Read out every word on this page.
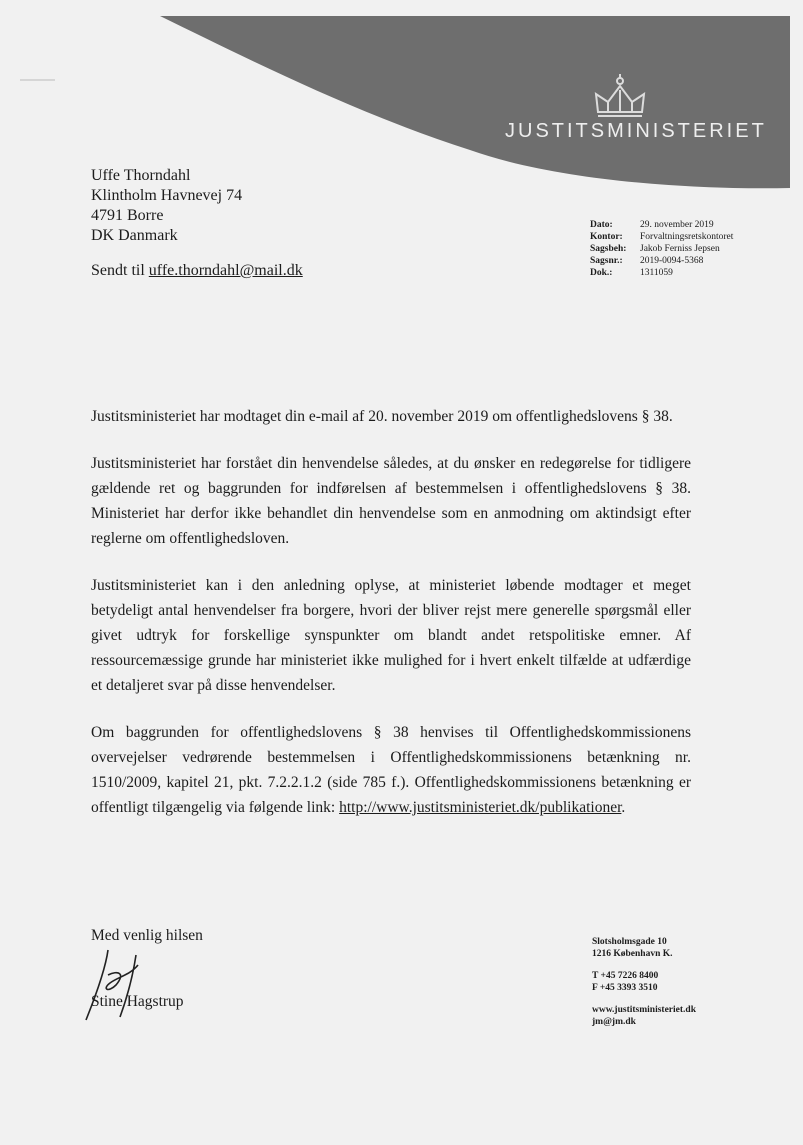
JUSTITSMINISTERIET
Uffe Thorndahl
Klintholm Havnevej 74
4791 Borre
DK Danmark
Sendt til uffe.thorndahl@mail.dk
Dato:	29. november 2019
Kontor:	Forvaltningsretskontoret
Sagsbeh:	Jakob Ferniss Jepsen
Sagsnr.:	2019-0094-5368
Dok.:	1311059

Justitsministeriet har modtaget din e-mail af 20. november 2019 om offentlighedslovens § 38.

Justitsministeriet har forstået din henvendelse således, at du ønsker en redegørelse for tidligere gældende ret og baggrunden for indførelsen af bestemmelsen i offentlighedslovens § 38. Ministeriet har derfor ikke behandlet din henvendelse som en anmodning om aktindsigt efter reglerne om offentlighedsloven.

Justitsministeriet kan i den anledning oplyse, at ministeriet løbende modtager et meget betydeligt antal henvendelser fra borgere, hvori der bliver rejst mere generelle spørgsmål eller givet udtryk for forskellige synspunkter om blandt andet retspolitiske emner. Af ressourcemæssige grunde har ministeriet ikke mulighed for i hvert enkelt tilfælde at udfærdige et detaljeret svar på disse henvendelser.

Om baggrunden for offentlighedslovens § 38 henvises til Offentlighedskommissionens overvejelser vedrørende bestemmelsen i Offentlighedskommissionens betænkning nr. 1510/2009, kapitel 21, pkt. 7.2.2.1.2 (side 785 f.). Offentlighedskommissionens betænkning er offentligt tilgængelig via følgende link: http://www.justitsministeriet.dk/publikationer.

Med venlig hilsen
Stine Hagstrup
Slotsholmsgade 10
1216 København K.
T +45 7226 8400
F +45 3393 3510
www.justitsministeriet.dk
jm@jm.dk
